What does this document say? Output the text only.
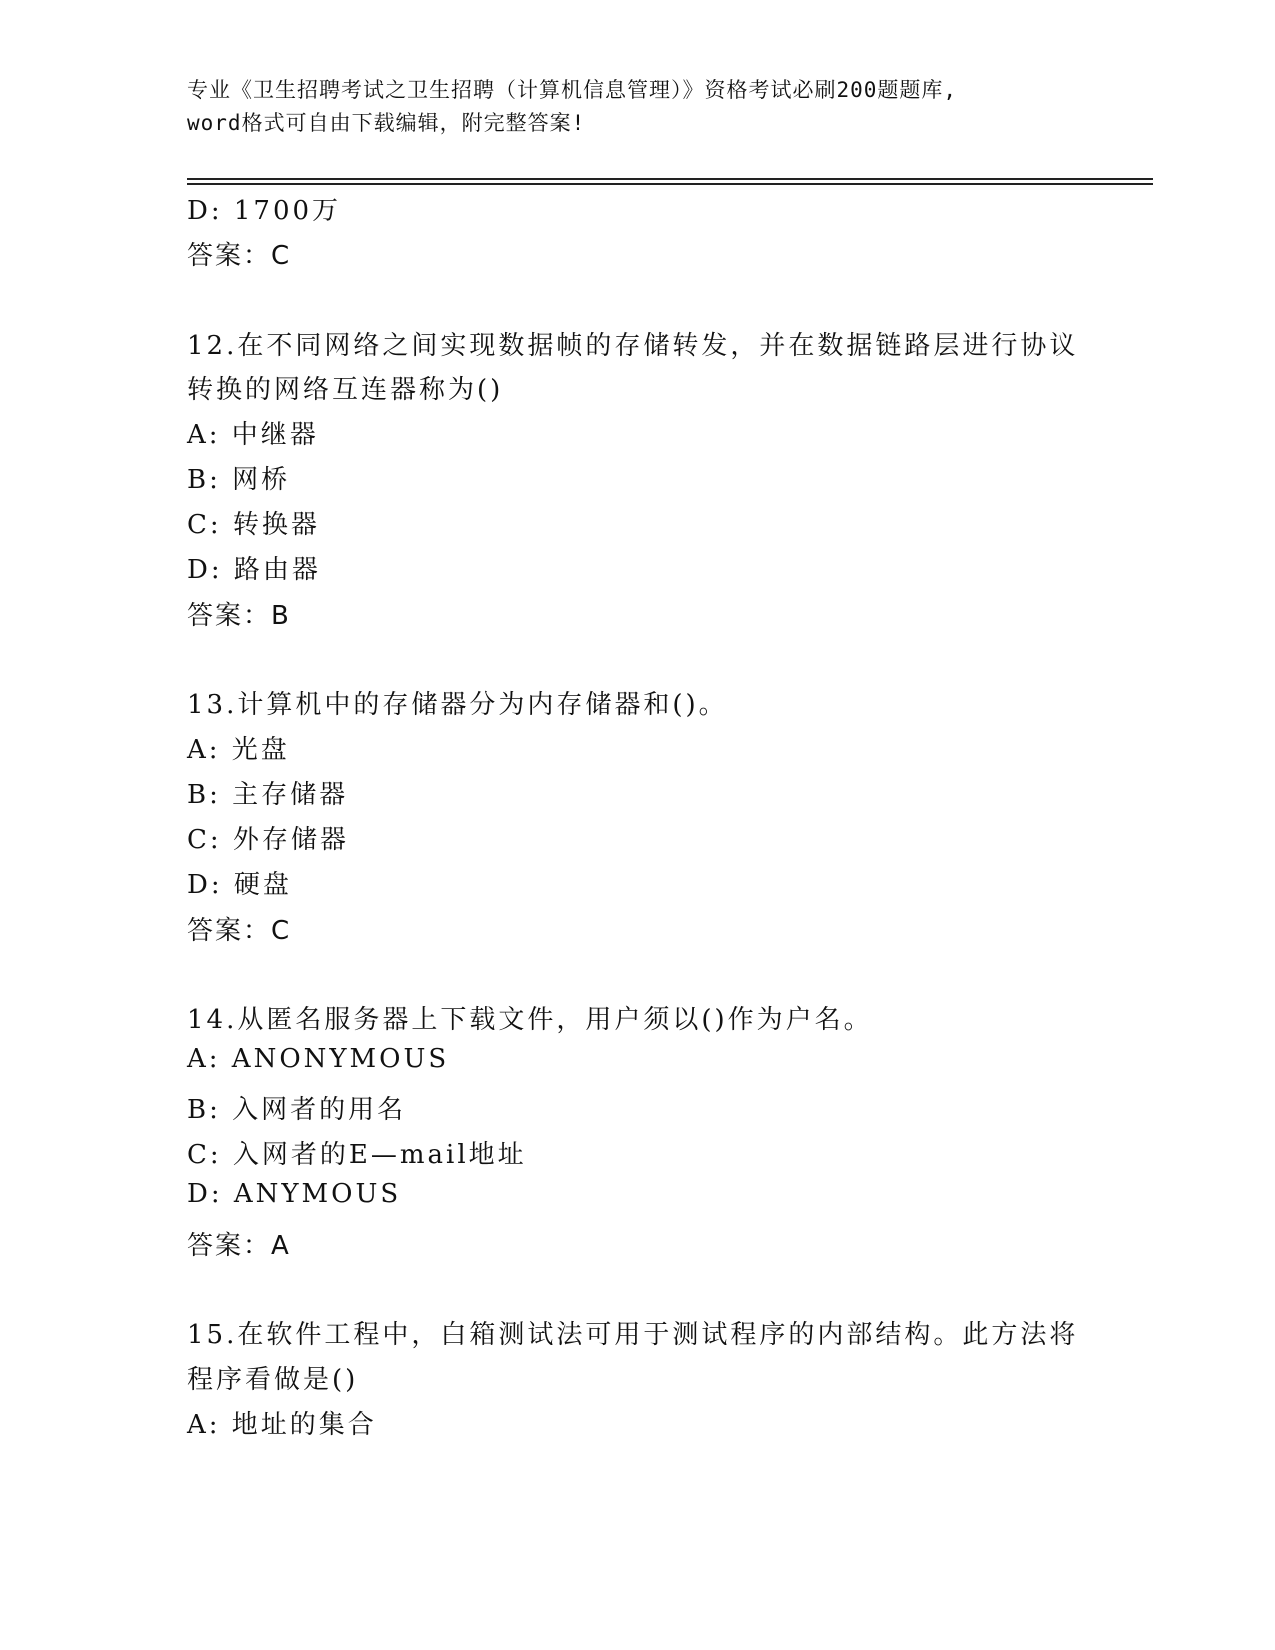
专业《卫生招聘考试之卫生招聘（计算机信息管理）》资格考试必刷200题题库,
word格式可自由下载编辑，附完整答案!
D: 1700万
答案：C
12.在不同网络之间实现数据帧的存储转发，并在数据链路层进行协议
转换的网络互连器称为()
A: 中继器
B: 网桥
C: 转换器
D: 路由器
答案：B
13.计算机中的存储器分为内存储器和()。
A: 光盘
B: 主存储器
C: 外存储器
D: 硬盘
答案：C
14.从匿名服务器上下载文件，用户须以()作为户名。
A: ANONYMOUS
B: 入网者的用名
C: 入网者的E—mail地址
D: ANYMOUS
答案：A
15.在软件工程中，白箱测试法可用于测试程序的内部结构。此方法将
程序看做是()
A: 地址的集合
